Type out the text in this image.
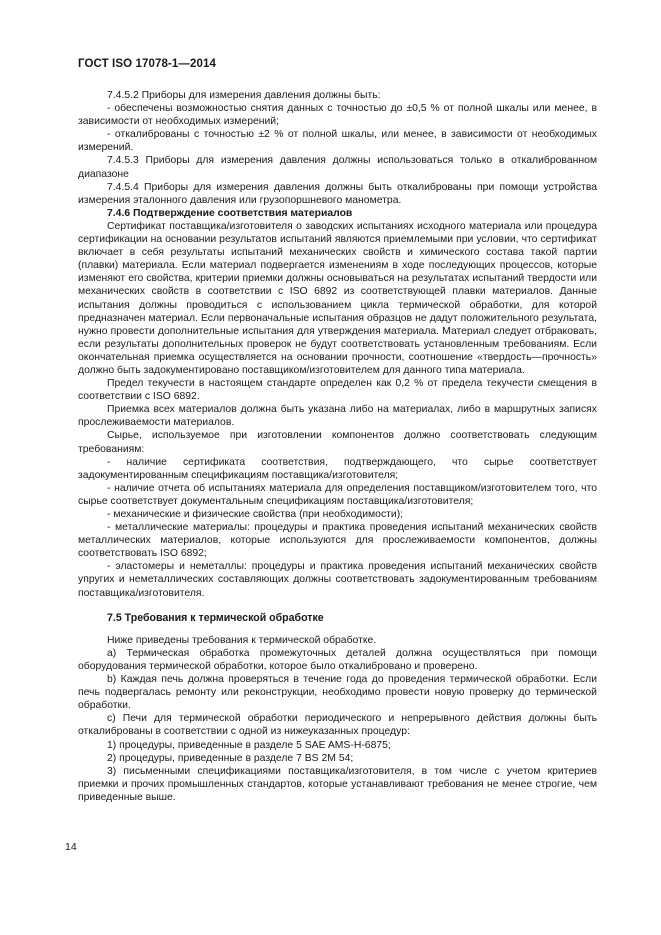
ГОСТ ISO 17078-1—2014

7.4.5.2 Приборы для измерения давления должны быть:

- обеспечены возможностью снятия данных с точностью до ±0,5 % от полной шкалы или менее, в зависимости от необходимых измерений;

- откалиброваны с точностью ±2 % от полной шкалы, или менее, в зависимости от необходимых измерений.

7.4.5.3 Приборы для измерения давления должны использоваться только в откалиброванном диапазоне

7.4.5.4 Приборы для измерения давления должны быть откалиброваны при помощи устройства измерения эталонного давления или грузопоршневого манометра.

7.4.6 Подтверждение соответствия материалов

Сертификат поставщика/изготовителя о заводских испытаниях исходного материала или процедура сертификации на основании результатов испытаний являются приемлемыми при условии, что сертификат включает в себя результаты испытаний механических свойств и химического состава такой партии (плавки) материала. Если материал подвергается изменениям в ходе последующих процессов, которые изменяют его свойства, критерии приемки должны основываться на результатах испытаний твердости или механических свойств в соответствии с ISO 6892 из соответствующей плавки материалов. Данные испытания должны проводиться с использованием цикла термической обработки, для которой предназначен материал. Если первоначальные испытания образцов не дадут положительного результата, нужно провести дополнительные испытания для утверждения материала. Материал следует отбраковать, если результаты дополнительных проверок не будут соответствовать установленным требованиям. Если окончательная приемка осуществляется на основании прочности, соотношение «твердость—прочность» должно быть задокументировано поставщиком/изготовителем для данного типа материала.

Предел текучести в настоящем стандарте определен как 0,2 % от предела текучести смещения в соответствии с ISO 6892.

Приемка всех материалов должна быть указана либо на материалах, либо в маршрутных записях прослеживаемости материалов.

Сырье, используемое при изготовлении компонентов должно соответствовать следующим требованиям:

- наличие сертификата соответствия, подтверждающего, что сырье соответствует задокументированным спецификациям поставщика/изготовителя;

- наличие отчета об испытаниях материала для определения поставщиком/изготовителем того, что сырье соответствует документальным спецификациям поставщика/изготовителя;

- механические и физические свойства (при необходимости);

- металлические материалы: процедуры и практика проведения испытаний механических свойств металлических материалов, которые используются для прослеживаемости компонентов, должны соответствовать ISO 6892;

- эластомеры и неметаллы: процедуры и практика проведения испытаний механических свойств упругих и неметаллических составляющих должны соответствовать задокументированным требованиям поставщика/изготовителя.

7.5 Требования к термической обработке

Ниже приведены требования к термической обработке.

a) Термическая обработка промежуточных деталей должна осуществляться при помощи оборудования термической обработки, которое было откалибровано и проверено.

b) Каждая печь должна проверяться в течение года до проведения термической обработки. Если печь подвергалась ремонту или реконструкции, необходимо провести новую проверку до термической обработки.

c) Печи для термической обработки периодического и непрерывного действия должны быть откалиброваны в соответствии с одной из нижеуказанных процедур:

1) процедуры, приведенные в разделе 5 SAE AMS-H-6875;

2) процедуры, приведенные в разделе 7 BS 2M 54;

3) письменными спецификациями поставщика/изготовителя, в том числе с учетом критериев приемки и прочих промышленных стандартов, которые устанавливают требования не менее строгие, чем приведенные выше.

14
